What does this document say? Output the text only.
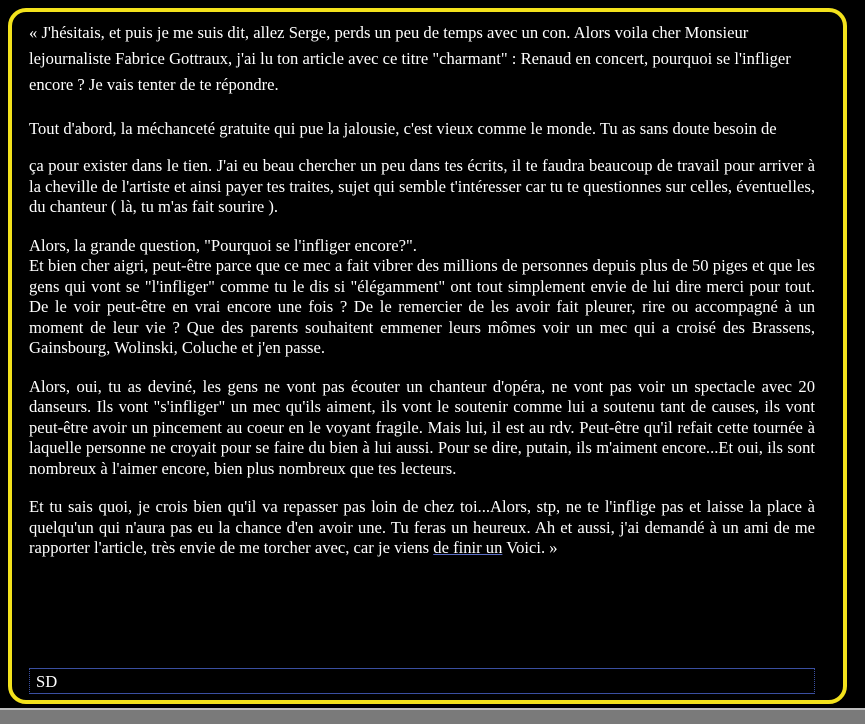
« J'hésitais, et puis je me suis dit, allez Serge, perds un peu de temps avec un con. Alors voila cher Monsieur lejournaliste Fabrice Gottraux, j'ai lu ton article avec ce titre "charmant" : Renaud en concert, pourquoi se l'infliger encore ? Je vais tenter de te répondre.

Tout d'abord, la méchanceté gratuite qui pue la jalousie, c'est vieux comme le monde. Tu as sans doute besoin de

ça pour exister dans le tien. J'ai eu beau chercher un peu dans tes écrits, il te faudra beaucoup de travail pour arriver à la cheville de l'artiste et ainsi payer tes traites, sujet qui semble t'intéresser car tu te questionnes sur celles, éventuelles, du chanteur ( là, tu m'as fait sourire ).

Alors, la grande question, "Pourquoi se l'infliger encore?".

Et bien cher aigri, peut-être parce que ce mec a fait vibrer des millions de personnes depuis plus de 50 piges et que les gens qui vont se "l'infliger" comme tu le dis si "élégamment" ont tout simplement envie de lui dire merci pour tout. De le voir peut-être en vrai encore une fois ? De le remercier de les avoir fait pleurer, rire ou accompagné à un moment de leur vie ? Que des parents souhaitent emmener leurs mômes voir un mec qui a croisé des Brassens, Gainsbourg, Wolinski, Coluche et j'en passe.

Alors, oui, tu as deviné, les gens ne vont pas écouter un chanteur d'opéra, ne vont pas voir un spectacle avec 20 danseurs. Ils vont "s'infliger" un mec qu'ils aiment, ils vont le soutenir comme lui a soutenu tant de causes, ils vont peut-être avoir un pincement au coeur en le voyant fragile. Mais lui, il est au rdv. Peut-être qu'il refait cette tournée à laquelle personne ne croyait pour se faire du bien à lui aussi. Pour se dire, putain, ils m'aiment encore...Et oui, ils sont nombreux à l'aimer encore, bien plus nombreux que tes lecteurs.

Et tu sais quoi, je crois bien qu'il va repasser pas loin de chez toi...Alors, stp, ne te l'inflige pas et laisse la place à quelqu'un qui n'aura pas eu la chance d'en avoir une. Tu feras un heureux. Ah et aussi, j'ai demandé à un ami de me rapporter l'article, très envie de me torcher avec, car je viens de finir un Voici. »

SD
